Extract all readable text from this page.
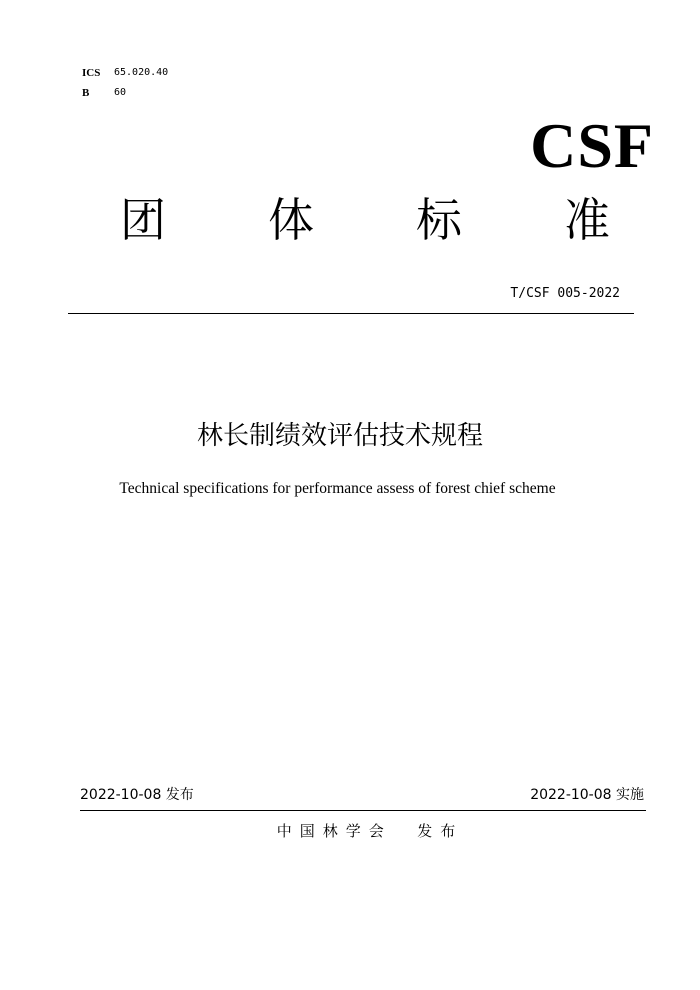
ICS	65.020.40
B	60
CSF
团 体 标 准
T/CSF 005-2022
林长制绩效评估技术规程
Technical specifications for performance assess of forest chief scheme
2022-10-08 发布	2022-10-08 实施
中国林学会  发布
